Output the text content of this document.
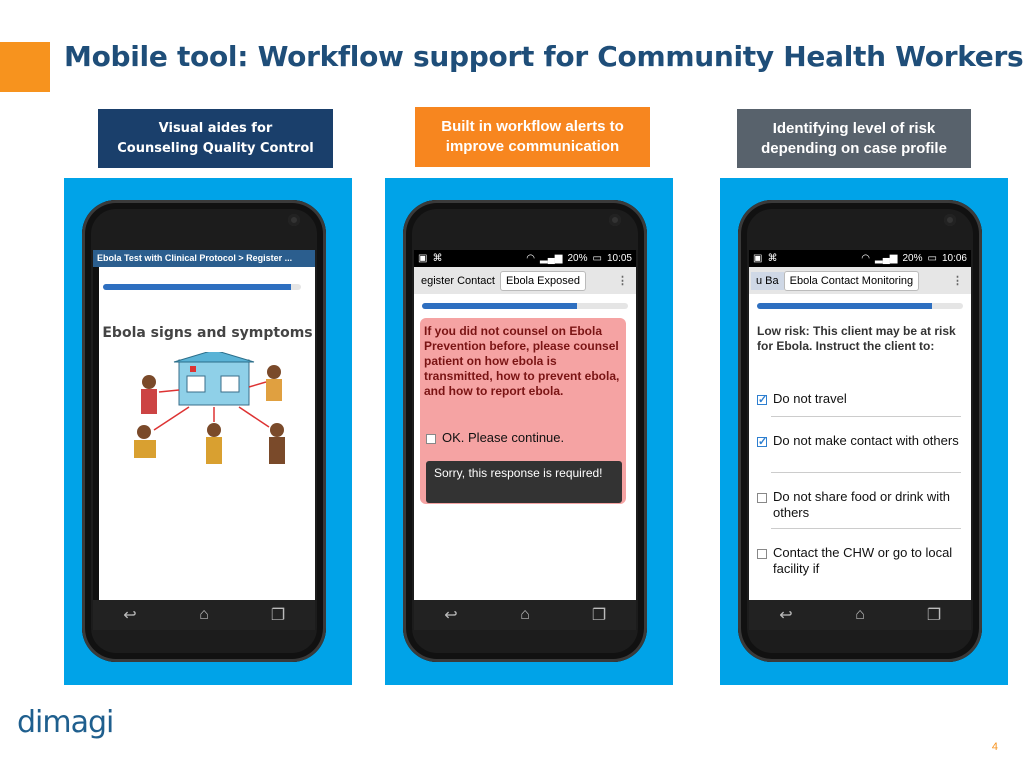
Mobile tool: Workflow support for Community Health Workers
Visual aides for
Counseling Quality Control
Built in workflow alerts to
improve communication
Identifying level of risk
depending on case profile
Ebola Test with Clinical Protocol > Register ...
Ebola signs and symptoms
↩	⌂	❐
▣ ⌘	◠ ▂▄▆ 20% ▭ 10:05
egister Contact	Ebola Exposed	⋮
If you did not counsel on Ebola Prevention before, please counsel patient on how ebola is transmitted, how to prevent ebola, and how to report ebola.
OK. Please continue.
Sorry, this response is required!
↩	⌂	❐
▣ ⌘	◠ ▂▄▆ 20% ▭ 10:06
u Ba	Ebola Contact Monitoring	⋮
Low risk: This client may be at risk for Ebola. Instruct the client to:
✓
Do not travel
✓
Do not make contact with others
Do not share food or drink with others
Contact the CHW or go to local facility if
↩	⌂	❐
dimagi
4
